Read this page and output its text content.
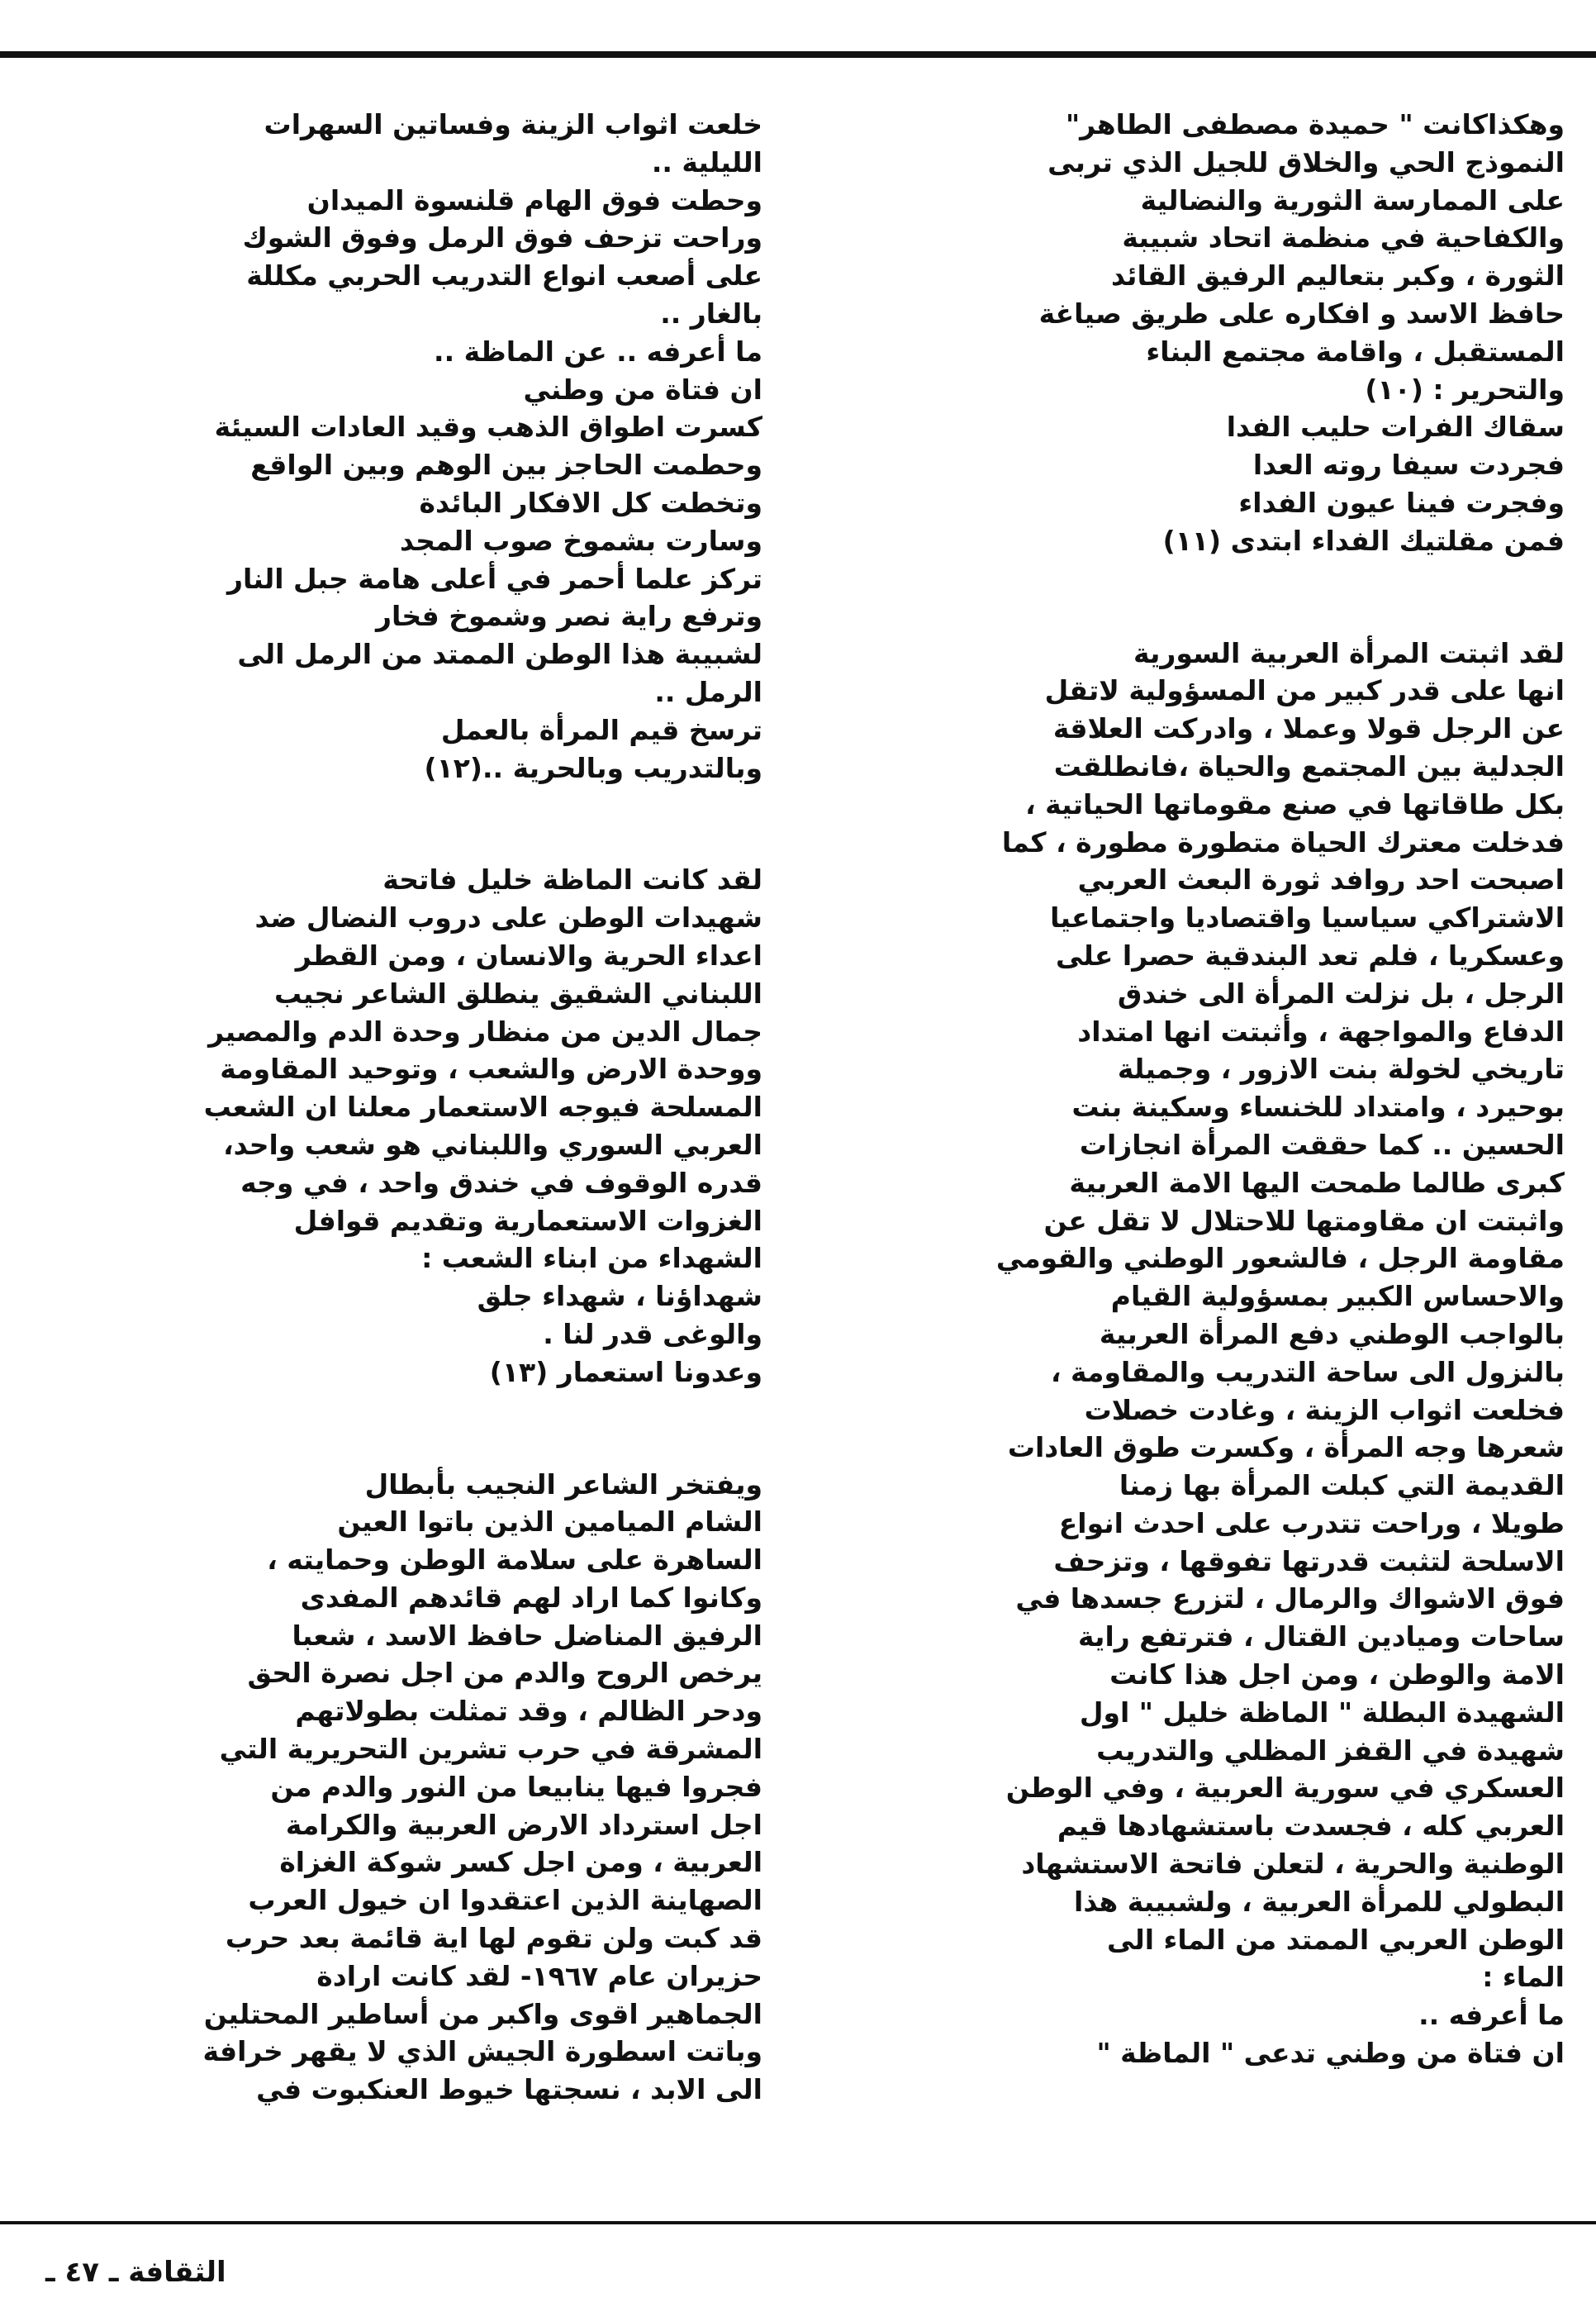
وهكذاكانت " حميدة مصطفى الطاهر"
النموذج الحي والخلاق للجيل الذي تربى
على الممارسة الثورية والنضالية
والكفاحية في منظمة اتحاد شبيبة
الثورة ، وكبر بتعاليم الرفيق القائد
حافظ الاسد و افكاره على طريق صياغة
المستقبل ، واقامة مجتمع البناء
والتحرير : (١٠)
سقاك الفرات حليب الفدا
فجردت سيفا روته العدا
وفجرت فينا عيون الفداء
فمن مقلتيك الفداء ابتدى (١١)

لقد اثبتت المرأة العربية السورية
انها على قدر كبير من المسؤولية لاتقل
عن الرجل قولا وعملا ، وادركت العلاقة
الجدلية بين المجتمع والحياة ،فانطلقت
بكل طاقاتها في صنع مقوماتها الحياتية ،
فدخلت معترك الحياة متطورة مطورة ، كما
اصبحت احد روافد ثورة البعث العربي
الاشتراكي سياسيا واقتصاديا واجتماعيا
وعسكريا ، فلم تعد البندقية حصرا على
الرجل ، بل نزلت المرأة الى خندق
الدفاع والمواجهة ، وأثبتت انها امتداد
تاريخي لخولة بنت الازور ، وجميلة
بوحيرد ، وامتداد للخنساء وسكينة بنت
الحسين .. كما حققت المرأة انجازات
كبرى طالما طمحت اليها الامة العربية
واثبتت ان مقاومتها للاحتلال لا تقل عن
مقاومة الرجل ، فالشعور الوطني والقومي
والاحساس الكبير بمسؤولية القيام
بالواجب الوطني دفع المرأة العربية
بالنزول الى ساحة التدريب والمقاومة ،
فخلعت اثواب الزينة ، وغادت خصلات
شعرها وجه المرأة ، وكسرت طوق العادات
القديمة التي كبلت المرأة بها زمنا
طويلا ، وراحت تتدرب على احدث انواع
الاسلحة لتثبت قدرتها تفوقها ، وتزحف
فوق الاشواك والرمال ، لتزرع جسدها في
ساحات وميادين القتال ، فترتفع راية
الامة والوطن ، ومن اجل هذا كانت
الشهيدة البطلة " الماظة خليل " اول
شهيدة في القفز المظلي والتدريب
العسكري في سورية العربية ، وفي الوطن
العربي كله ، فجسدت باستشهادها قيم
الوطنية والحرية ، لتعلن فاتحة الاستشهاد
البطولي للمرأة العربية ، ولشبيبة هذا
الوطن العربي الممتد من الماء الى
الماء :
ما أعرفه ..
ان فتاة من وطني تدعى " الماظة "

خلعت اثواب الزينة وفساتين السهرات
الليلية ..
وحطت فوق الهام قلنسوة الميدان
وراحت تزحف فوق الرمل وفوق الشوك
على أصعب انواع التدريب الحربي مكللة
بالغار ..
ما أعرفه .. عن الماظة ..
ان فتاة من وطني
كسرت اطواق الذهب وقيد العادات السيئة
وحطمت الحاجز بين الوهم وبين الواقع
وتخطت كل الافكار البائدة
وسارت بشموخ صوب المجد
تركز علما أحمر في أعلى هامة جبل النار
وترفع راية نصر وشموخ فخار
لشبيبة هذا الوطن الممتد من الرمل الى
الرمل ..
ترسخ قيم المرأة بالعمل
وبالتدريب وبالحرية ..(١٢)

لقد كانت الماظة خليل فاتحة
شهيدات الوطن على دروب النضال ضد
اعداء الحرية والانسان ، ومن القطر
اللبناني الشقيق ينطلق الشاعر نجيب
جمال الدين من منظار وحدة الدم والمصير
ووحدة الارض والشعب ، وتوحيد المقاومة
المسلحة فيوجه الاستعمار معلنا ان الشعب
العربي السوري واللبناني هو شعب واحد،
قدره الوقوف في خندق واحد ، في وجه
الغزوات الاستعمارية وتقديم قوافل
الشهداء من ابناء الشعب :
شهداؤنا ، شهداء جلق
والوغى قدر لنا .
وعدونا استعمار (١٣)

ويفتخر الشاعر النجيب بأبطال
الشام الميامين الذين باتوا العين
الساهرة على سلامة الوطن وحمايته ،
وكانوا كما اراد لهم قائدهم المفدى
الرفيق المناضل حافظ الاسد ، شعبا
يرخص الروح والدم من اجل نصرة الحق
ودحر الظالم ، وقد تمثلت بطولاتهم
المشرقة في حرب تشرين التحريرية التي
فجروا فيها ينابيعا من النور والدم من
اجل استرداد الارض العربية والكرامة
العربية ، ومن اجل كسر شوكة الغزاة
الصهاينة الذين اعتقدوا ان خيول العرب
قد كبت ولن تقوم لها اية قائمة بعد حرب
حزيران عام ١٩٦٧- لقد كانت ارادة
الجماهير اقوى واكبر من أساطير المحتلين
وباتت اسطورة الجيش الذي لا يقهر خرافة
الى الابد ، نسجتها خيوط العنكبوت في

الثقافة ـ ٤٧ ـ
